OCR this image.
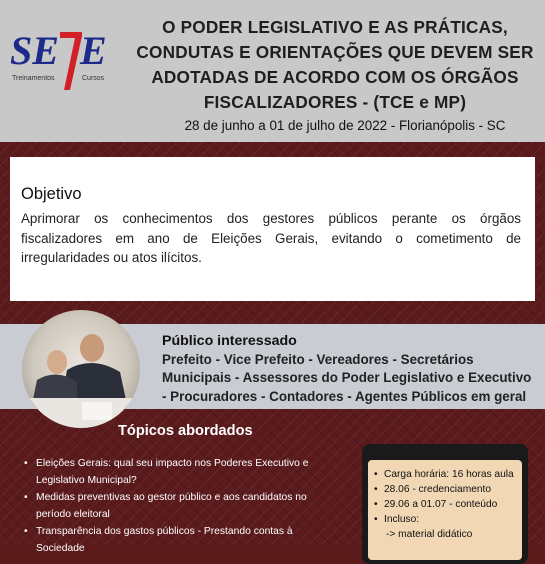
SE E
Treinamentos	Cursos
O PODER LEGISLATIVO E AS PRÁTICAS, CONDUTAS E ORIENTAÇÕES QUE DEVEM SER ADOTADAS DE ACORDO COM OS ÓRGÃOS FISCALIZADORES - (TCE e MP)
28 de junho a 01 de julho de 2022 - Florianópolis - SC
Objetivo
Aprimorar os conhecimentos dos gestores públicos perante os órgãos fiscalizadores em ano de Eleições Gerais, evitando o cometimento de irregularidades ou atos ilícitos.
Público interessado
Prefeito - Vice Prefeito - Vereadores - Secretários Municipais - Assessores do Poder Legislativo e Executivo - Procuradores - Contadores - Agentes Públicos em geral
Tópicos abordados
• Eleições Gerais: qual seu impacto nos Poderes Executivo e Legislativo Municipal?
• Medidas preventivas ao gestor público e aos candidatos no período eleitoral
• Transparência dos gastos públicos - Prestando contas à Sociedade
• Carga horária: 16 horas aula
• 28.06 - credenciamento
• 29.06 a 01.07 - conteúdo
• Incluso:
-> material didático
